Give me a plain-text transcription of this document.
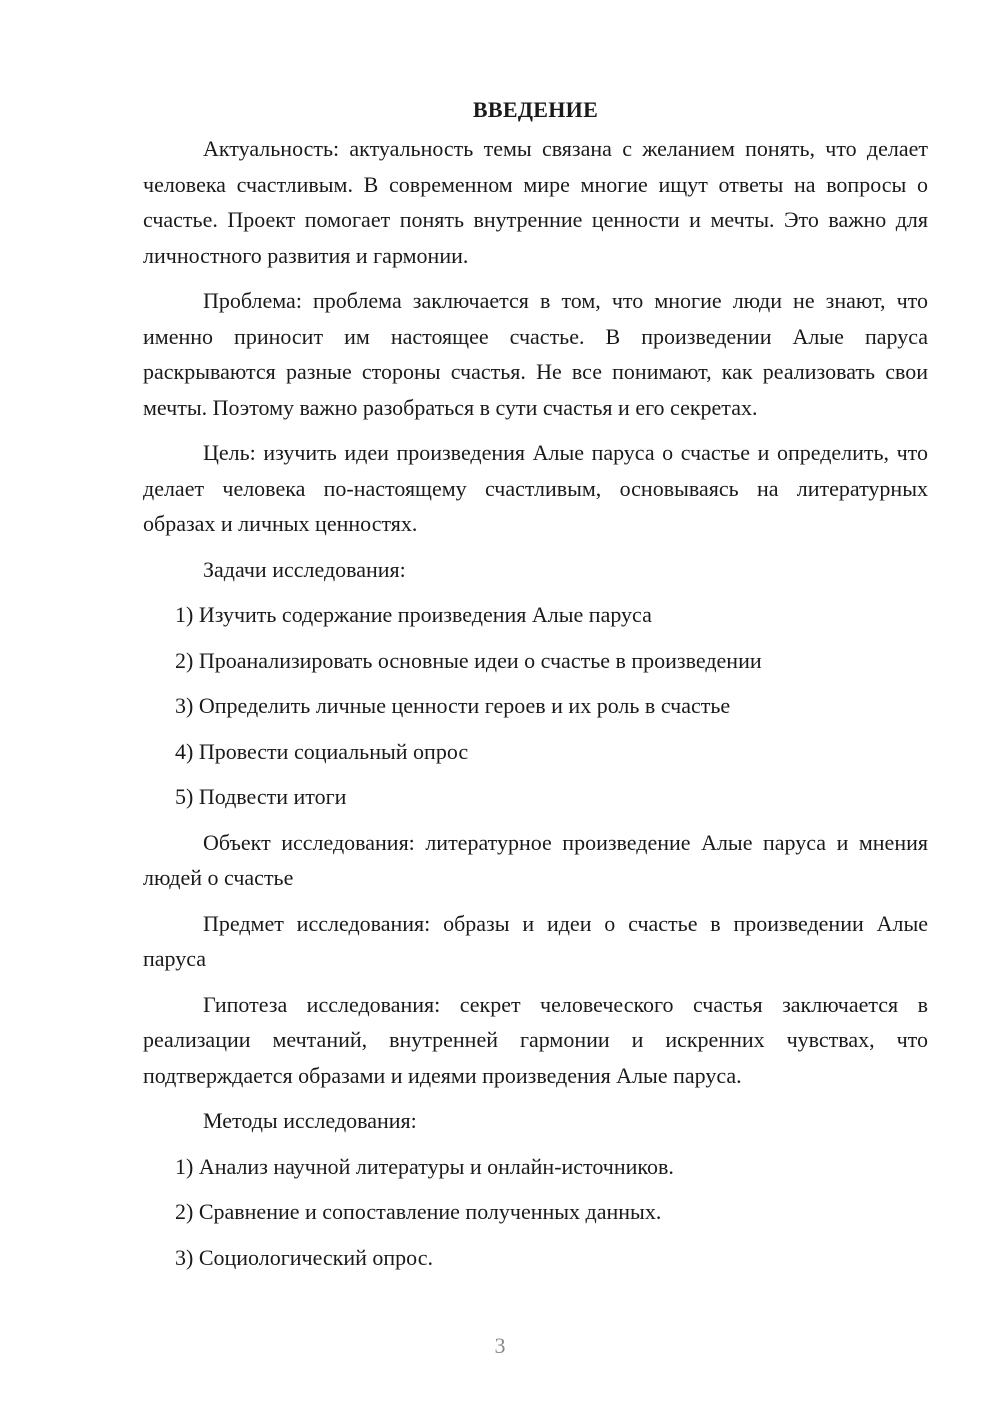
ВВЕДЕНИЕ

Актуальность: актуальность темы связана с желанием понять, что делает человека счастливым. В современном мире многие ищут ответы на вопросы о счастье. Проект помогает понять внутренние ценности и мечты. Это важно для личностного развития и гармонии.

Проблема: проблема заключается в том, что многие люди не знают, что именно приносит им настоящее счастье. В произведении Алые паруса раскрываются разные стороны счастья. Не все понимают, как реализовать свои мечты. Поэтому важно разобраться в сути счастья и его секретах.

Цель: изучить идеи произведения Алые паруса о счастье и определить, что делает человека по-настоящему счастливым, основываясь на литературных образах и личных ценностях.

Задачи исследования:

1) Изучить содержание произведения Алые паруса
2) Проанализировать основные идеи о счастье в произведении
3) Определить личные ценности героев и их роль в счастье
4) Провести социальный опрос
5) Подвести итоги

Объект исследования: литературное произведение Алые паруса и мнения людей о счастье

Предмет исследования: образы и идеи о счастье в произведении Алые паруса

Гипотеза исследования: секрет человеческого счастья заключается в реализации мечтаний, внутренней гармонии и искренних чувствах, что подтверждается образами и идеями произведения Алые паруса.

Методы исследования:

1) Анализ научной литературы и онлайн-источников.
2) Сравнение и сопоставление полученных данных.
3) Социологический опрос.
3
